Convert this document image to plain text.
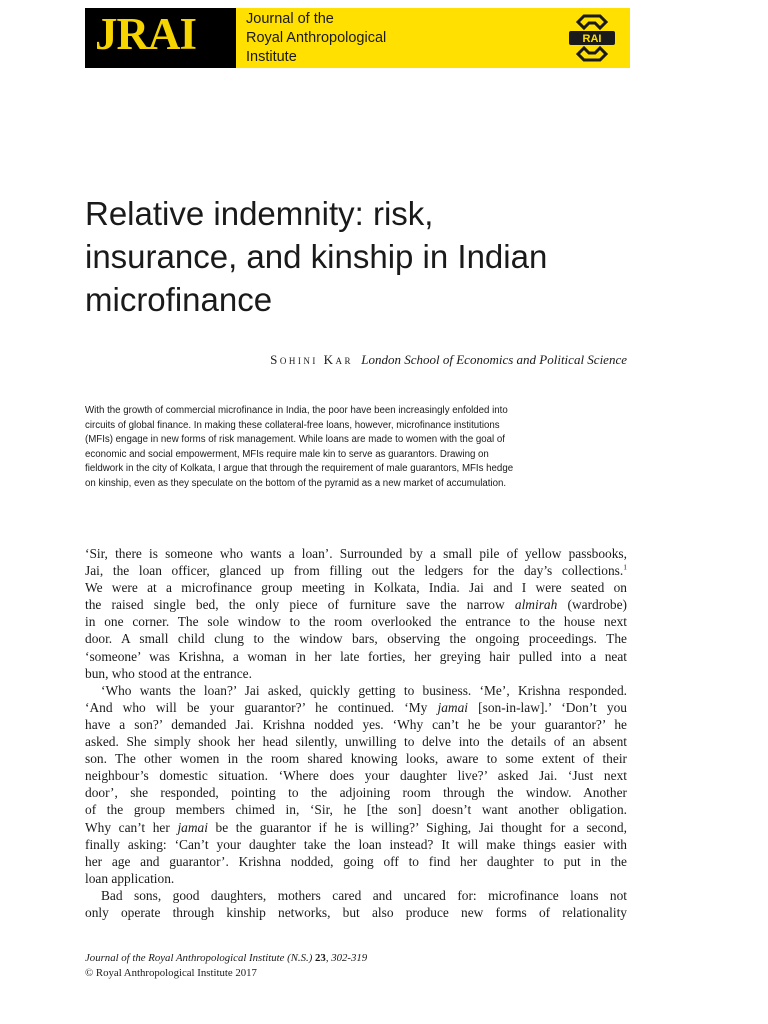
JRAI	Journal of the
Royal Anthropological
Institute
RAI
Relative indemnity: risk,
insurance, and kinship in Indian
microfinance
Sohini Kar London School of Economics and Political Science
With the growth of commercial microfinance in India, the poor have been increasingly enfolded into
circuits of global finance. In making these collateral-free loans, however, microfinance institutions
(MFIs) engage in new forms of risk management. While loans are made to women with the goal of
economic and social empowerment, MFIs require male kin to serve as guarantors. Drawing on
fieldwork in the city of Kolkata, I argue that through the requirement of male guarantors, MFIs hedge
on kinship, even as they speculate on the bottom of the pyramid as a new market of accumulation.
‘Sir, there is someone who wants a loan’. Surrounded by a small pile of yellow passbooks,
Jai, the loan officer, glanced up from filling out the ledgers for the day’s collections.$^1$
We were at a microfinance group meeting in Kolkata, India. Jai and I were seated on
the raised single bed, the only piece of furniture save the narrow almirah (wardrobe)
in one corner. The sole window to the room overlooked the entrance to the house next
door. A small child clung to the window bars, observing the ongoing proceedings. The
‘someone’ was Krishna, a woman in her late forties, her greying hair pulled into a neat
bun, who stood at the entrance.
‘Who wants the loan?’ Jai asked, quickly getting to business. ‘Me’, Krishna responded.
‘And who will be your guarantor?’ he continued. ‘My jamai [son-in-law].’ ‘Don’t you
have a son?’ demanded Jai. Krishna nodded yes. ‘Why can’t he be your guarantor?’ he
asked. She simply shook her head silently, unwilling to delve into the details of an absent
son. The other women in the room shared knowing looks, aware to some extent of their
neighbour’s domestic situation. ‘Where does your daughter live?’ asked Jai. ‘Just next
door’, she responded, pointing to the adjoining room through the window. Another
of the group members chimed in, ‘Sir, he [the son] doesn’t want another obligation.
Why can’t her jamai be the guarantor if he is willing?’ Sighing, Jai thought for a second,
finally asking: ‘Can’t your daughter take the loan instead? It will make things easier with
her age and guarantor’. Krishna nodded, going off to find her daughter to put in the
loan application.
Bad sons, good daughters, mothers cared and uncared for: microfinance loans not
only operate through kinship networks, but also produce new forms of relationality
Journal of the Royal Anthropological Institute (N.S.) 23, 302-319
© Royal Anthropological Institute 2017
